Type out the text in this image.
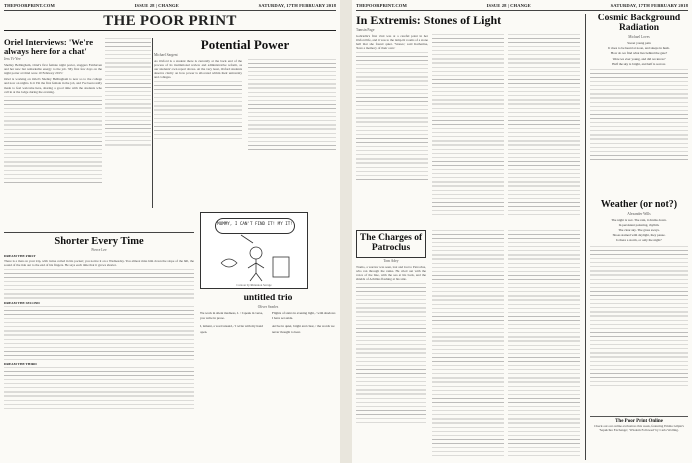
THEPOORPRINT.COM	ISSUE 28 | CHANGE	SATURDAY, 17TH FEBRUARY 2018
THE POOR PRINT
Oriel Interviews: 'We're always here for a chat'
Jess Yi-Yee

Shelley Bellingham, Oriel's first female night porter, staggers Fairhaven and her new but remarkable energy to the job. 'My first few days on the night porter at Oriel were 10 February 2015.'

Oriel is working on Oriel's Shelley Bellingham is new so to the college and now on nights. Is it I'm the first female in the job, and I've been really made to feel welcome here, sharing a good time with the students who call in at the lodge during the evening.

Potential Power
Michael Sargent

As Oxford is a student there is currently at the back end of the process of its institutional review and administrative reform, as our students' own report shows. At the very least, Oxford students deserve clarity on how power is allocated within their university and colleges.

MUMMY, I CAN'T FIND IT! MY IT!
Cartoon by Rhiannon Savage
Shorter Every Time
Pierce Lee
DREAM THE FIRST

There is a man on your trip, with twine coiled in his pocket; you notice it on a Wednesday. You almost miss him down the slope of the hill, the sound of the tide out to the end of his fingers. He says each time that it grows shorter.

DREAM THE SECOND
DREAM THE THIRD
untitled trio
Oliver Searles
We work in silent madness, I. / I speak in verse, you write in prose.
I, lament, a word unsaid, / I write with my hand open.
Flights of stairs in evening light, / with shadows I have set aside.
Arrive in quiet, bright and clear, / the words we never thought to hear.
THEPOORPRINT.COM	ISSUE 28 | CHANGE	SATURDAY, 17TH FEBRUARY 2018
In Extremis: Stones of Light
Tamsin Page

Gabrielle's first visit was at a careful point in her Oxford life, and it was to the lamp-lit rooms of a stone hall that she found quiet. 'Stones,' said Katherine, 'have a memory of their own.'

The Charges of Patroclus
Tom Adey

Tramo, a warrior was seen, lost and lost to Patroclus, who ran through the ranks. He cried out with the voice of the line, with the sea at his back, and the shields of Achilles flashing at his side.

Cosmic Background Radiation
Michael Loves
Sweet young pain
It rises to be heard at noon, and sleeps in hush.
How do we find what lies behind the gate?
Were we ever young, and did we know?
Half the sky is bright, and half is sorrow.
Weather (or not?)
Alexander Wills
The night is wet. The rain, it drums down.
In persistent pattering, rhythm.
The clear sky. The grass sways.
Shoes stained with daylight, they pause.
Is there a storm, or only the night?
The Poor Print Online
Check out our online exclusives this week, featuring Emma Gilpin's 'Sepulchre Exchange', 'Wisdom Followed' by Carla Wolling.
